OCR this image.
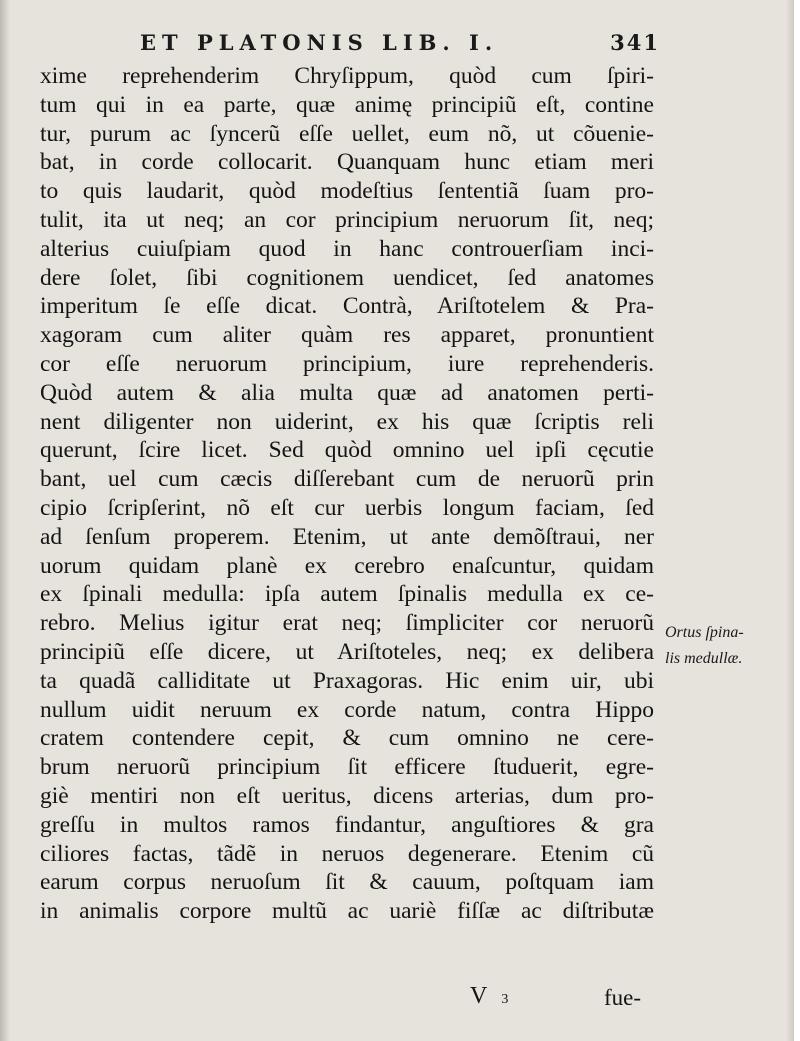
ET PLATONIS LIB. I.	341
xime reprehenderim Chryſippum, quòd cum ſpiri-
tum qui in ea parte, quæ animę principiũ eſt, contine
tur, purum ac ſyncerũ eſſe uellet, eum nõ, ut cõuenie-
bat, in corde collocarit. Quanquam hunc etiam meri
to quis laudarit, quòd modeſtius ſententiã ſuam pro-
tulit, ita ut neq; an cor principium neruorum ſit, neq;
alterius cuiuſpiam quod in hanc controuerſiam inci-
dere ſolet, ſibi cognitionem uendicet, ſed anatomes
imperitum ſe eſſe dicat. Contrà, Ariſtotelem & Pra-
xagoram cum aliter quàm res apparet, pronuntient
cor eſſe neruorum principium, iure reprehenderis.
Quòd autem & alia multa quæ ad anatomen perti-
nent diligenter non uiderint, ex his quæ ſcriptis reli
querunt, ſcire licet. Sed quòd omnino uel ipſi cęcutie
bant, uel cum cæcis diſſerebant cum de neruorũ prin
cipio ſcripſerint, nõ eſt cur uerbis longum faciam, ſed
ad ſenſum properem. Etenim, ut ante demõſtraui, ner
uorum quidam planè ex cerebro enaſcuntur, quidam
ex ſpinali medulla: ipſa autem ſpinalis medulla ex ce-
rebro. Melius igitur erat neq; ſimpliciter cor neruorũ
principiũ eſſe dicere, ut Ariſtoteles, neq; ex delibera
ta quadã calliditate ut Praxagoras. Hic enim uir, ubi
nullum uidit neruum ex corde natum, contra Hippo
cratem contendere cepit, & cum omnino ne cere-
brum neruorũ principium ſit efficere ſtuduerit, egre-
giè mentiri non eſt ueritus, dicens arterias, dum pro-
greſſu in multos ramos findantur, anguſtiores & gra
ciliores factas, tãdẽ in neruos degenerare. Etenim cũ
earum corpus neruoſum ſit & cauum, poſtquam iam
in animalis corpore multũ ac uariè fiſſæ ac diſtributæ
Ortus ſpina-
lis medullæ.
V 3	fue-
